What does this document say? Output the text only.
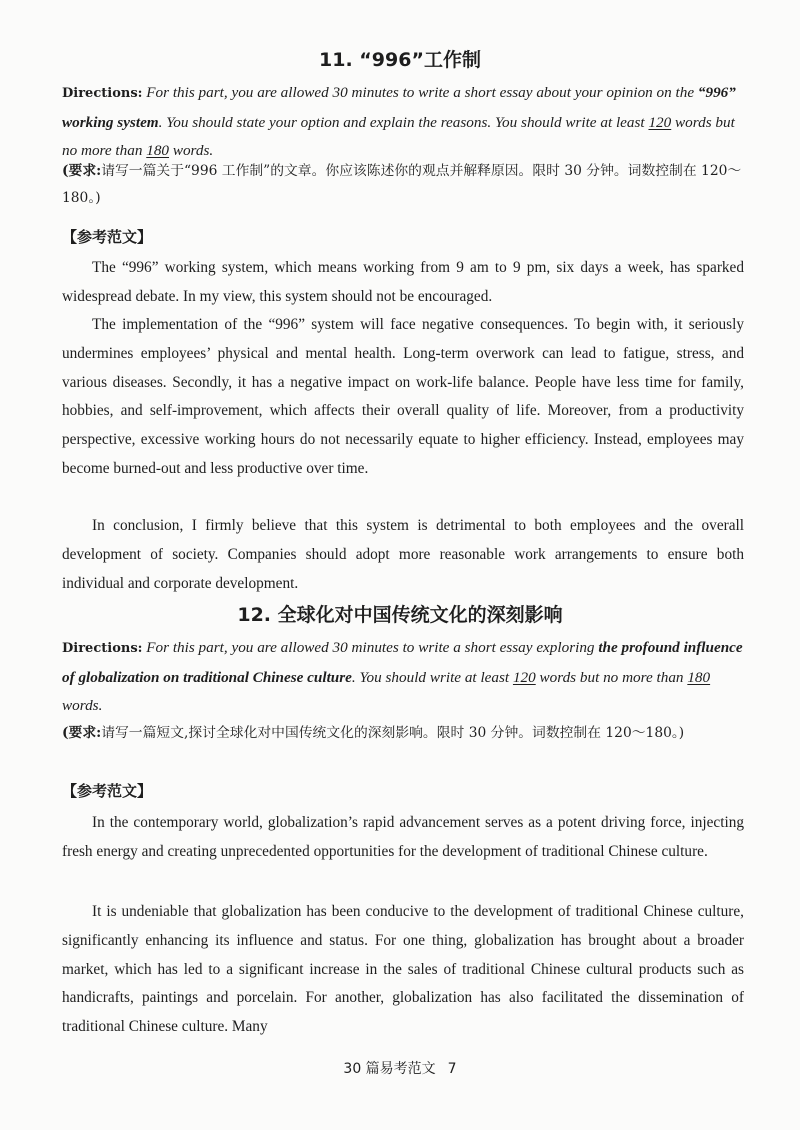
11. “996”工作制
Directions: For this part, you are allowed 30 minutes to write a short essay about your opinion on the “996” working system. You should state your option and explain the reasons. You should write at least 120 words but no more than 180 words.
(要求:请写一篇关于“996 工作制”的文章。你应该陈述你的观点并解释原因。限时 30 分钟。词数控制在 120～180。)
【参考范文】
The “996” working system, which means working from 9 am to 9 pm, six days a week, has sparked widespread debate. In my view, this system should not be encouraged.
The implementation of the “996” system will face negative consequences. To begin with, it seriously undermines employees’ physical and mental health. Long-term overwork can lead to fatigue, stress, and various diseases. Secondly, it has a negative impact on work-life balance. People have less time for family, hobbies, and self-improvement, which affects their overall quality of life. Moreover, from a productivity perspective, excessive working hours do not necessarily equate to higher efficiency. Instead, employees may become burned-out and less productive over time.
In conclusion, I firmly believe that this system is detrimental to both employees and the overall development of society. Companies should adopt more reasonable work arrangements to ensure both individual and corporate development.
12. 全球化对中国传统文化的深刻影响
Directions: For this part, you are allowed 30 minutes to write a short essay exploring the profound influence of globalization on traditional Chinese culture. You should write at least 120 words but no more than 180 words.
(要求:请写一篇短文,探讨全球化对中国传统文化的深刻影响。限时 30 分钟。词数控制在 120～180。)
【参考范文】
In the contemporary world, globalization’s rapid advancement serves as a potent driving force, injecting fresh energy and creating unprecedented opportunities for the development of traditional Chinese culture.
It is undeniable that globalization has been conducive to the development of traditional Chinese culture, significantly enhancing its influence and status. For one thing, globalization has brought about a broader market, which has led to a significant increase in the sales of traditional Chinese cultural products such as handicrafts, paintings and porcelain. For another, globalization has also facilitated the dissemination of traditional Chinese culture. Many
30 篇易考范文 7
